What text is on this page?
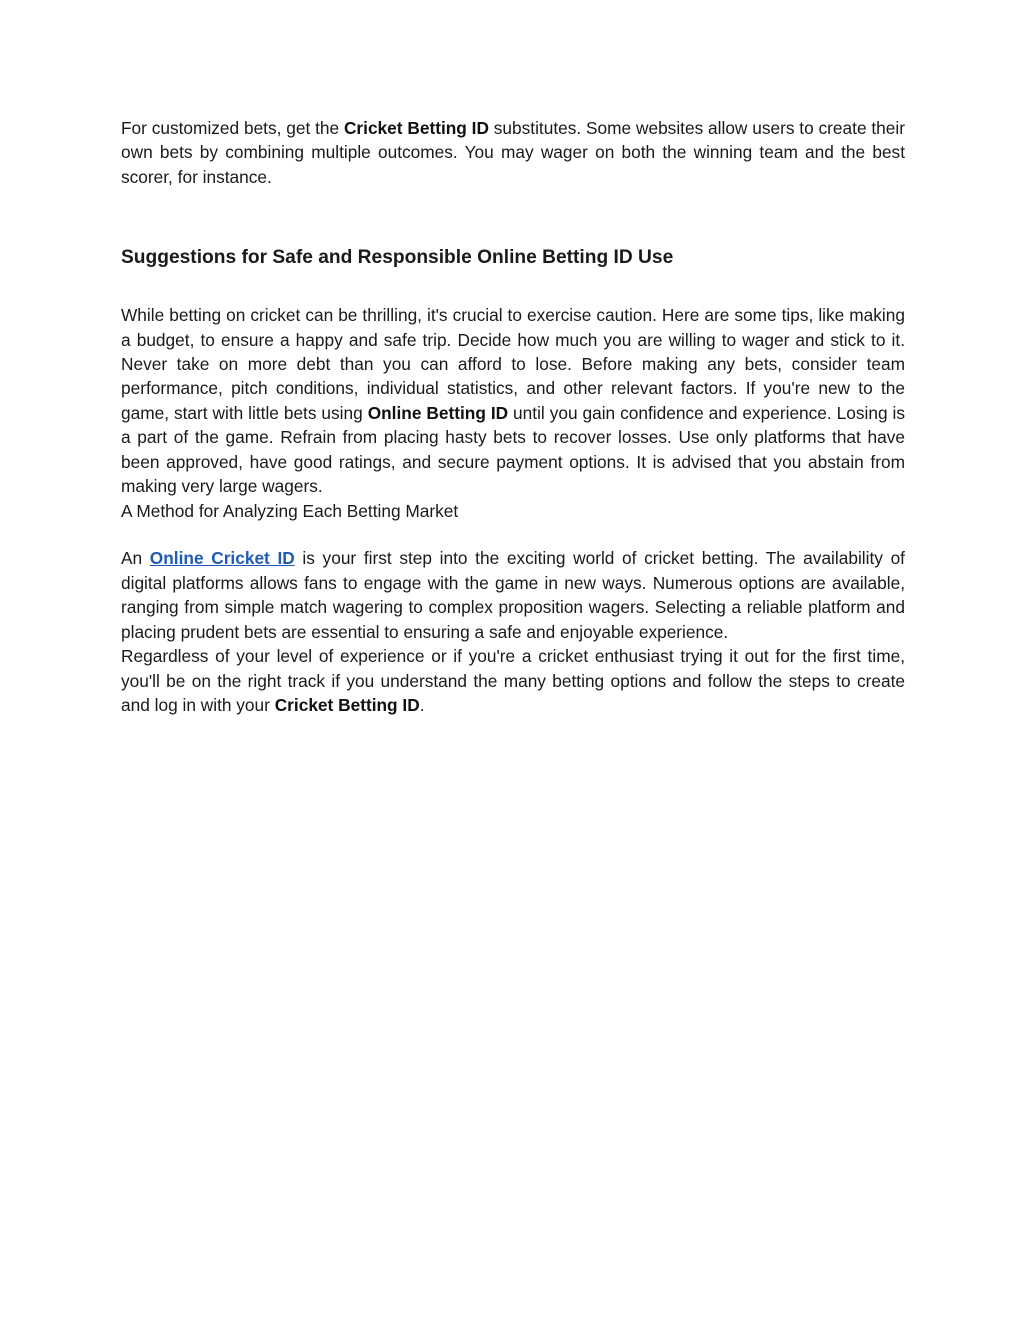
For customized bets, get the Cricket Betting ID substitutes. Some websites allow users to create their own bets by combining multiple outcomes. You may wager on both the winning team and the best scorer, for instance.

Suggestions for Safe and Responsible Online Betting ID Use

While betting on cricket can be thrilling, it's crucial to exercise caution. Here are some tips, like making a budget, to ensure a happy and safe trip. Decide how much you are willing to wager and stick to it. Never take on more debt than you can afford to lose. Before making any bets, consider team performance, pitch conditions, individual statistics, and other relevant factors. If you're new to the game, start with little bets using Online Betting ID until you gain confidence and experience. Losing is a part of the game. Refrain from placing hasty bets to recover losses. Use only platforms that have been approved, have good ratings, and secure payment options. It is advised that you abstain from making very large wagers.

A Method for Analyzing Each Betting Market

An Online Cricket ID is your first step into the exciting world of cricket betting. The availability of digital platforms allows fans to engage with the game in new ways. Numerous options are available, ranging from simple match wagering to complex proposition wagers. Selecting a reliable platform and placing prudent bets are essential to ensuring a safe and enjoyable experience.

Regardless of your level of experience or if you're a cricket enthusiast trying it out for the first time, you'll be on the right track if you understand the many betting options and follow the steps to create and log in with your Cricket Betting ID.
